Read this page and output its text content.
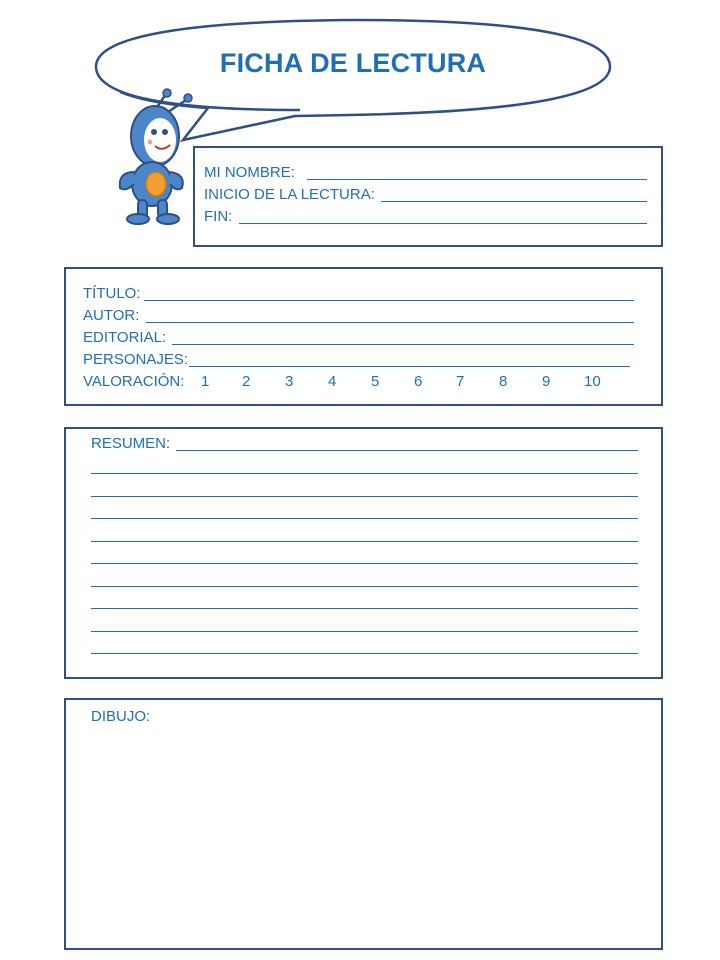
FICHA DE LECTURA
MI NOMBRE:
INICIO DE LA LECTURA:
FIN:
TÍTULO:
AUTOR:
EDITORIAL:
PERSONAJES:
VALORACIÓN: 1 2 3 4 5 6 7 8 9 10
RESUMEN:
DIBUJO:
